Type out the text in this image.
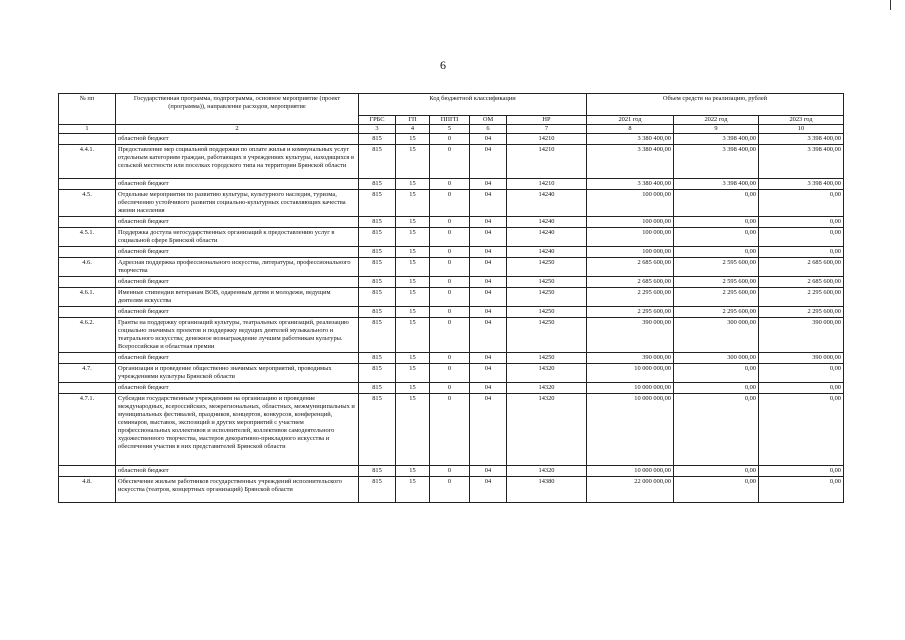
6
№ пп	Государственная программа, подпрограмма, основное мероприятие (проект (программа)), направление расходов, мероприятие	Код бюджетной классификации					Объем средств на реализацию, рублей		
		ГРБС	ГП	ППГП	ОМ	НР	2021 год	2022 год	2023 год
1	2	3	4	5	6	7	8	9	10
	областной бюджет	815	15	0	04	14210	3 380 400,00	3 398 400,00	3 398 400,00
4.4.1.	Предоставление мер социальной поддержки по оплате жилья и коммунальных услуг отдельным категориям граждан, работающих в учреждениях культуры, находящихся в сельской местности или поселках городского типа на территории Брянской области	815	15	0	04	14210	3 380 400,00	3 398 400,00	3 398 400,00
	областной бюджет	815	15	0	04	14210	3 380 400,00	3 398 400,00	3 398 400,00
4.5.	Отдельные мероприятия по развитию культуры, культурного наследия, туризма, обеспечению устойчивого развития социально-культурных составляющих качества жизни населения	815	15	0	04	14240	100 000,00	0,00	0,00
	областной бюджет	815	15	0	04	14240	100 000,00	0,00	0,00
4.5.1.	Поддержка доступа негосударственных организаций к предоставлению услуг в социальной сфере Брянской области	815	15	0	04	14240	100 000,00	0,00	0,00
	областной бюджет	815	15	0	04	14240	100 000,00	0,00	0,00
4.6.	Адресная поддержка профессионального искусства, литературы, профессионального творчества	815	15	0	04	14250	2 685 600,00	2 595 600,00	2 685 600,00
	областной бюджет	815	15	0	04	14250	2 685 600,00	2 595 600,00	2 685 600,00
4.6.1.	Именные стипендии ветеранам ВОВ, одаренным детям и молодежи, ведущим деятелям искусства	815	15	0	04	14250	2 295 600,00	2 295 600,00	2 295 600,00
	областной бюджет	815	15	0	04	14250	2 295 600,00	2 295 600,00	2 295 600,00
4.6.2.	Гранты на поддержку организаций культуры, театральных организаций, реализацию социально значимых проектов и поддержку ведущих деятелей музыкального и театрального искусства; денежное вознаграждение лучшим работникам культуры. Всероссийская и областная премии	815	15	0	04	14250	390 000,00	300 000,00	390 000,00
	областной бюджет	815	15	0	04	14250	390 000,00	300 000,00	390 000,00
4.7.	Организация и проведение общественно значимых мероприятий, проводимых учреждениями культуры Брянской области	815	15	0	04	14320	10 000 000,00	0,00	0,00
	областной бюджет	815	15	0	04	14320	10 000 000,00	0,00	0,00
4.7.1.	Субсидии государственным учреждениям на организацию и проведение международных, всероссийских, межрегиональных, областных, межмуниципальных и муниципальных фестивалей, праздников, концертов, конкурсов, конференций, семинаров, выставок, экспозиций и других мероприятий с участием профессиональных коллективов и исполнителей, коллективов самодеятельного художественного творчества, мастеров декоративно-прикладного искусства и обеспечения участия в них представителей Брянской области	815	15	0	04	14320	10 000 000,00	0,00	0,00
	областной бюджет	815	15	0	04	14320	10 000 000,00	0,00	0,00
4.8.	Обеспечение жильем работников государственных учреждений исполнительского искусства (театров, концертных организаций) Брянской области	815	15	0	04	14380	22 000 000,00	0,00	0,00
